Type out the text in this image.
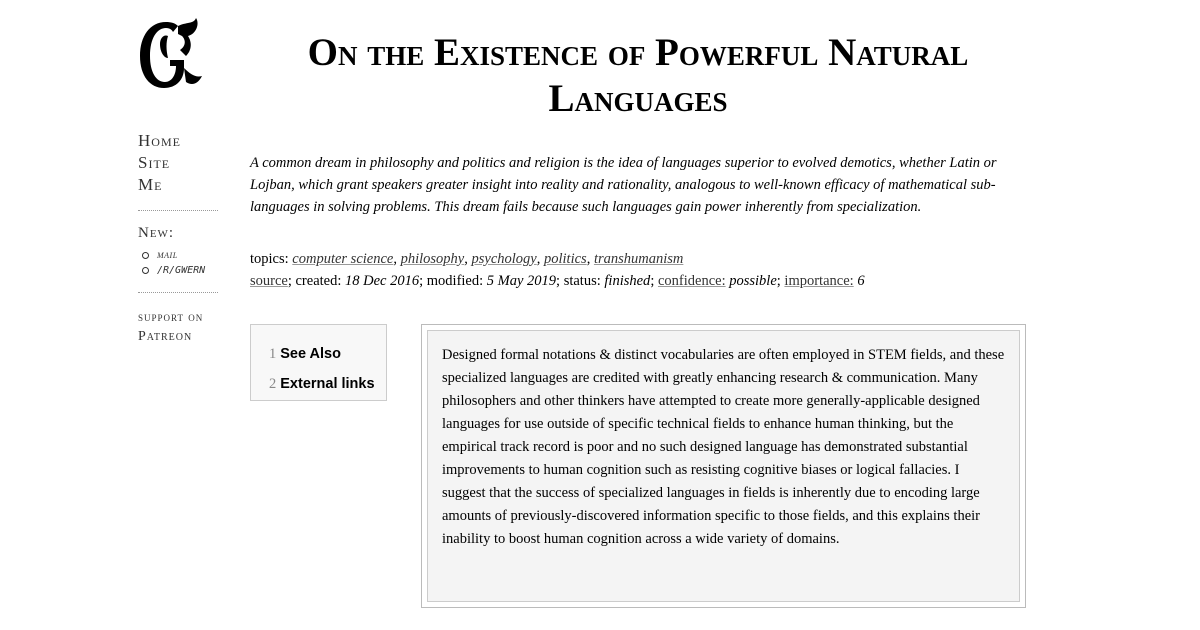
Home
Site
Me
New:
mail
/R/GWERN
support on
Patreon
On the Existence of Powerful Natural Languages

A common dream in philosophy and politics and religion is the idea of languages superior to evolved demotics, whether Latin or Lojban, which grant speakers greater insight into reality and rationality, analogous to well-known efficacy of mathematical sub-languages in solving problems. This dream fails because such languages gain power inherently from specialization.

topics: computer science, philosophy, psychology, politics, transhumanism
source; created: 18 Dec 2016; modified: 5 May 2019; status: finished; confidence: possible; importance: 6
1 See Also
2 External links
Designed formal notations & distinct vocabularies are often employed in STEM fields, and these specialized languages are credited with greatly enhancing research & communication. Many philosophers and other thinkers have attempted to create more generally-applicable designed languages for use outside of specific technical fields to enhance human thinking, but the empirical track record is poor and no such designed language has demonstrated substantial improvements to human cognition such as resisting cognitive biases or logical fallacies. I suggest that the success of specialized languages in fields is inherently due to encoding large amounts of previously-discovered information specific to those fields, and this explains their inability to boost human cognition across a wide variety of domains.
